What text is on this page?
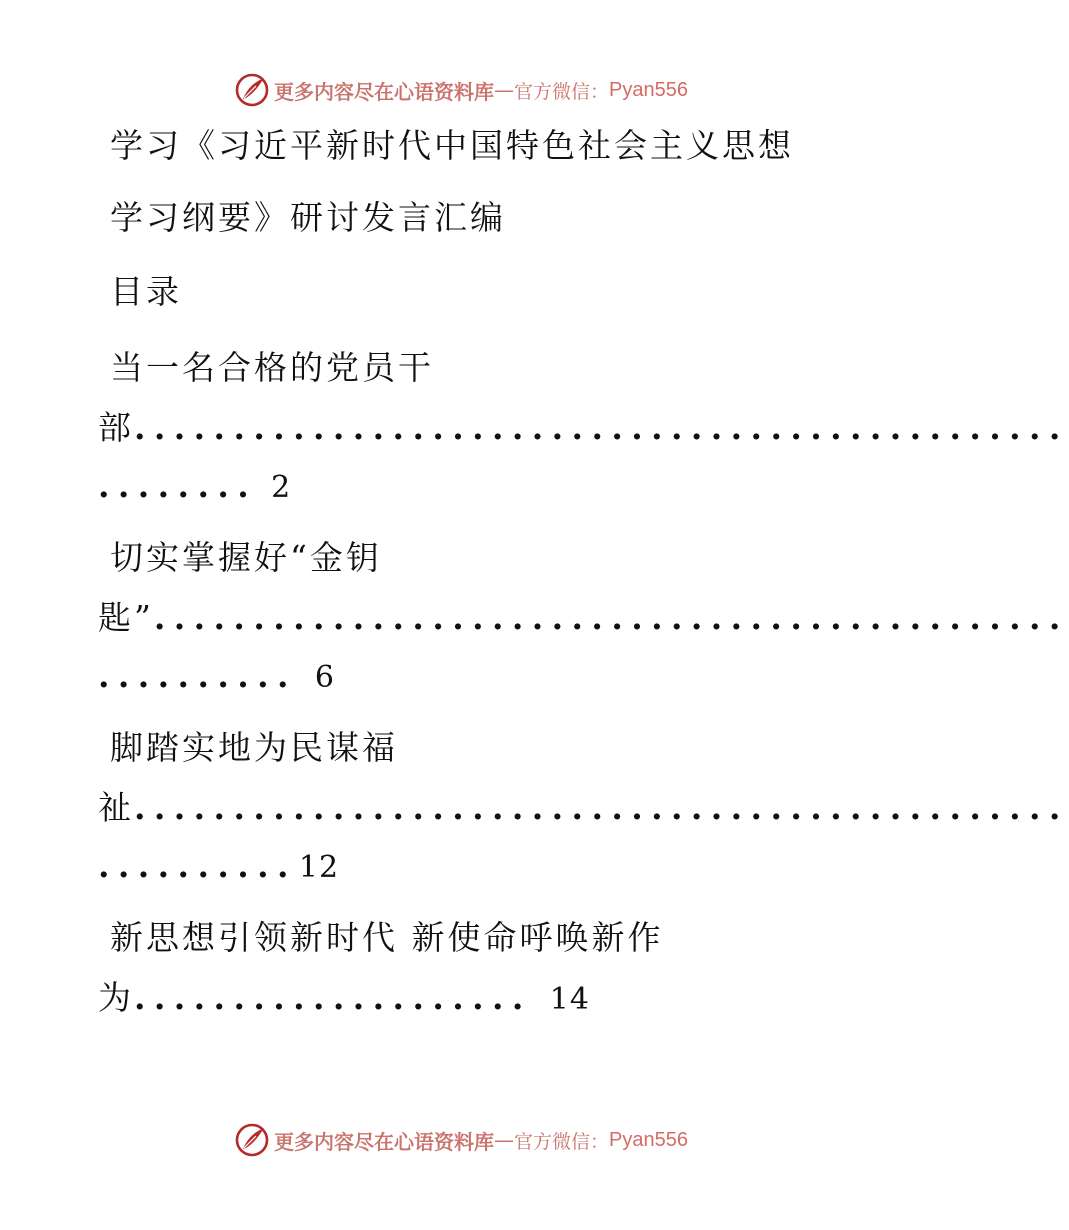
更多内容尽在心语资料库 — 官方微信： Pyan556
学习《习近平新时代中国特色社会主义思想
学习纲要》研讨发言汇编
目录
当一名合格的党员干
部...............................................
........ 2
切实掌握好“金钥
匙”..............................................
.......... 6
脚踏实地为民谋福
祉...............................................
..........12
新思想引领新时代 新使命呼唤新作
为.................... 14
更多内容尽在心语资料库 — 官方微信： Pyan556
